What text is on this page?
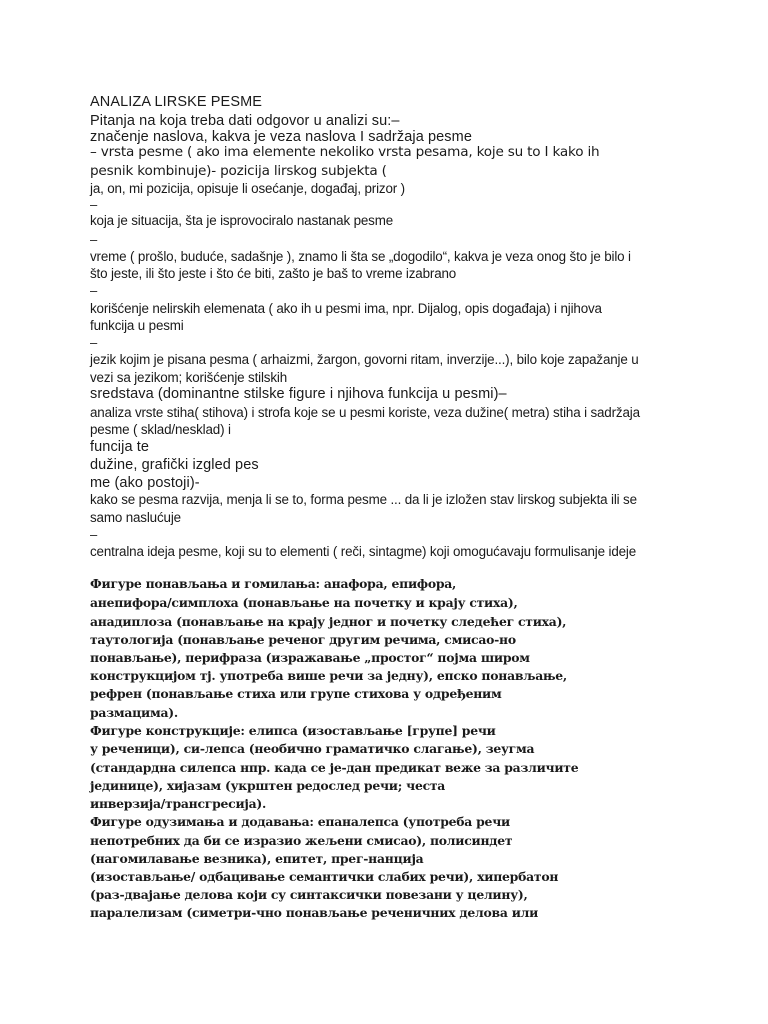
ANALIZA LIRSKE PESME
Pitanja na koja treba dati odgovor u analizi su:–
značenje naslova, kakva je veza naslova I sadržaja pesme
– vrsta pesme ( ako ima elemente nekoliko vrsta pesama, koje su to I kako ih
pesnik kombinuje)- pozicija lirskog subjekta (
ja, on, mi pozicija, opisuje li osećanje, događaj, prizor )
–
koja je situacija, šta je isprovociralo nastanak pesme
–
vreme ( prošlo, buduće, sadašnje ), znamo li šta se „dogodilo“, kakva je veza onog što je bilo i
što jeste, ili što jeste i što će biti, zašto je baš to vreme izabrano
–
korišćenje nelirskih elemenata ( ako ih u pesmi ima, npr. Dijalog, opis događaja) i njihova
funkcija u pesmi
–
jezik kojim je pisana pesma ( arhaizmi, žargon, govorni ritam, inverzije...), bilo koje zapažanje u
vezi sa jezikom; korišćenje stilskih
sredstava (dominantne stilske figure i njihova funkcija u pesmi)–
analiza vrste stiha( stihova) i strofa koje se u pesmi koriste, veza dužine( metra) stiha i sadržaja
pesme ( sklad/nesklad) i
funcija te
dužine, grafički izgled pes
me (ako postoji)-
kako se pesma razvija, menja li se to, forma pesme ... da li je izložen stav lirskog subjekta ili se
samo naslućuje
–
centralna ideja pesme, koji su to elementi ( reči, sintagme) koji omogućavaju formulisanje ideje
Фигуре понављања и гомилања: анафора, епифора,
анепифора/симплоха (понављање на почетку и крају стиха),
анадиплоза (понављање на крају једног и почетку следећег стиха),
таутологија (понављање реченог другим речима, смисао-но
понављање), перифраза (изражавање „простог“ појма широм
конструкцијом тј. употреба више речи за једну), епско понављање,
рефрен (понављање стиха или групе стихова у одређеним
размацима).
Фигуре конструкције: елипса (изостављање [групе] речи
у реченици), си-лепса (необично граматичко слагање), зеугма
(стандардна силепса нпр. када се је-дан предикат веже за различите
јединице), хијазам (укрштен редослед речи; честа
инверзија/трансгресија).
Фигуре одузимања и додавања: епаналепса (употреба речи
непотребних да би се изразио жељени смисао), полисиндет
(нагомилавање везника), епитет, прег-нанција
(изостављање/ одбацивање семантички слабих речи), хипербатон
(раз-двајање делова који су синтаксички повезани у целину),
паралелизам (симетри-чно понављање реченичних делова или
